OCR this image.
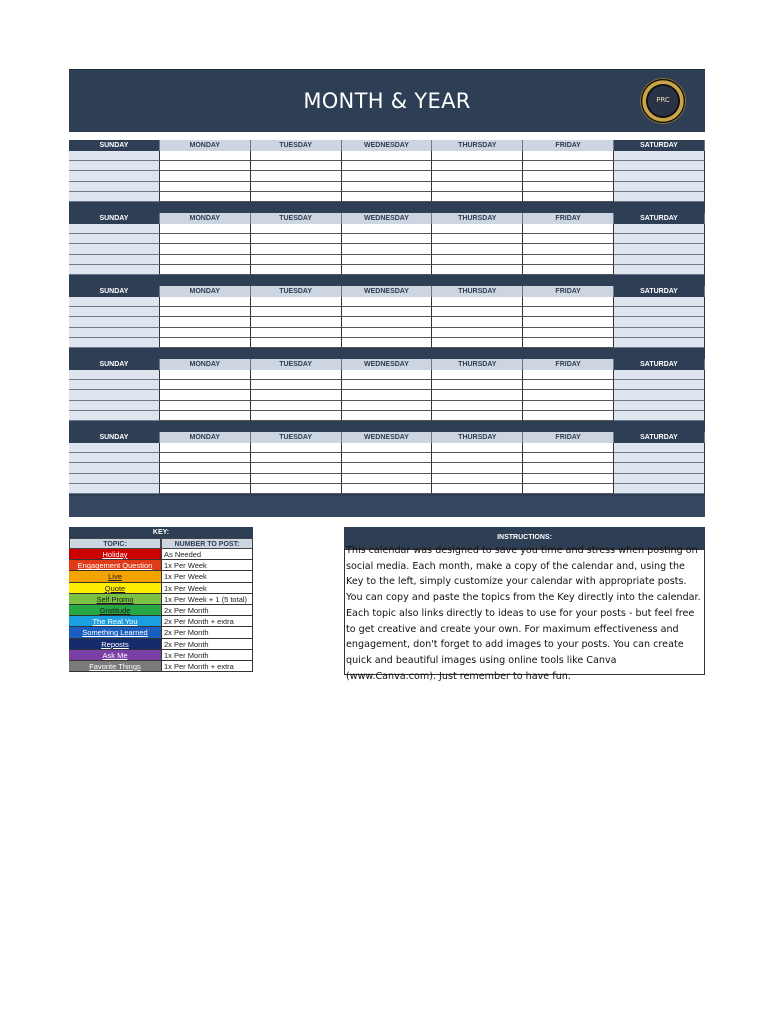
MONTH & YEAR	PRC
SUNDAY	MONDAY	TUESDAY	WEDNESDAY	THURSDAY	FRIDAY	SATURDAY
SUNDAY	MONDAY	TUESDAY	WEDNESDAY	THURSDAY	FRIDAY	SATURDAY
SUNDAY	MONDAY	TUESDAY	WEDNESDAY	THURSDAY	FRIDAY	SATURDAY
SUNDAY	MONDAY	TUESDAY	WEDNESDAY	THURSDAY	FRIDAY	SATURDAY
SUNDAY	MONDAY	TUESDAY	WEDNESDAY	THURSDAY	FRIDAY	SATURDAY
KEY:
TOPIC:	NUMBER TO POST:
Holiday	As Needed
Engagement Question	1x Per Week
Live	1x Per Week
Quote	1x Per Week
Self Promo	1x Per Week + 1 (5 total)
Gratitude	2x Per Month
The Real You	2x Per Month + extra
Something Learned	2x Per Month
Reposts	2x Per Month
Ask Me	1x Per Month
Favorite Things	1x Per Month + extra
INSTRUCTIONS:
This calendar was designed to save you time and stress when posting on social media. Each month, make a copy of the calendar and, using the Key to the left, simply customize your calendar with appropriate posts. You can copy and paste the topics from the Key directly into the calendar. Each topic also links directly to ideas to use for your posts - but feel free to get creative and create your own. For maximum effectiveness and engagement, don't forget to add images to your posts. You can create quick and beautiful images using online tools like Canva (www.Canva.com). Just remember to have fun.
